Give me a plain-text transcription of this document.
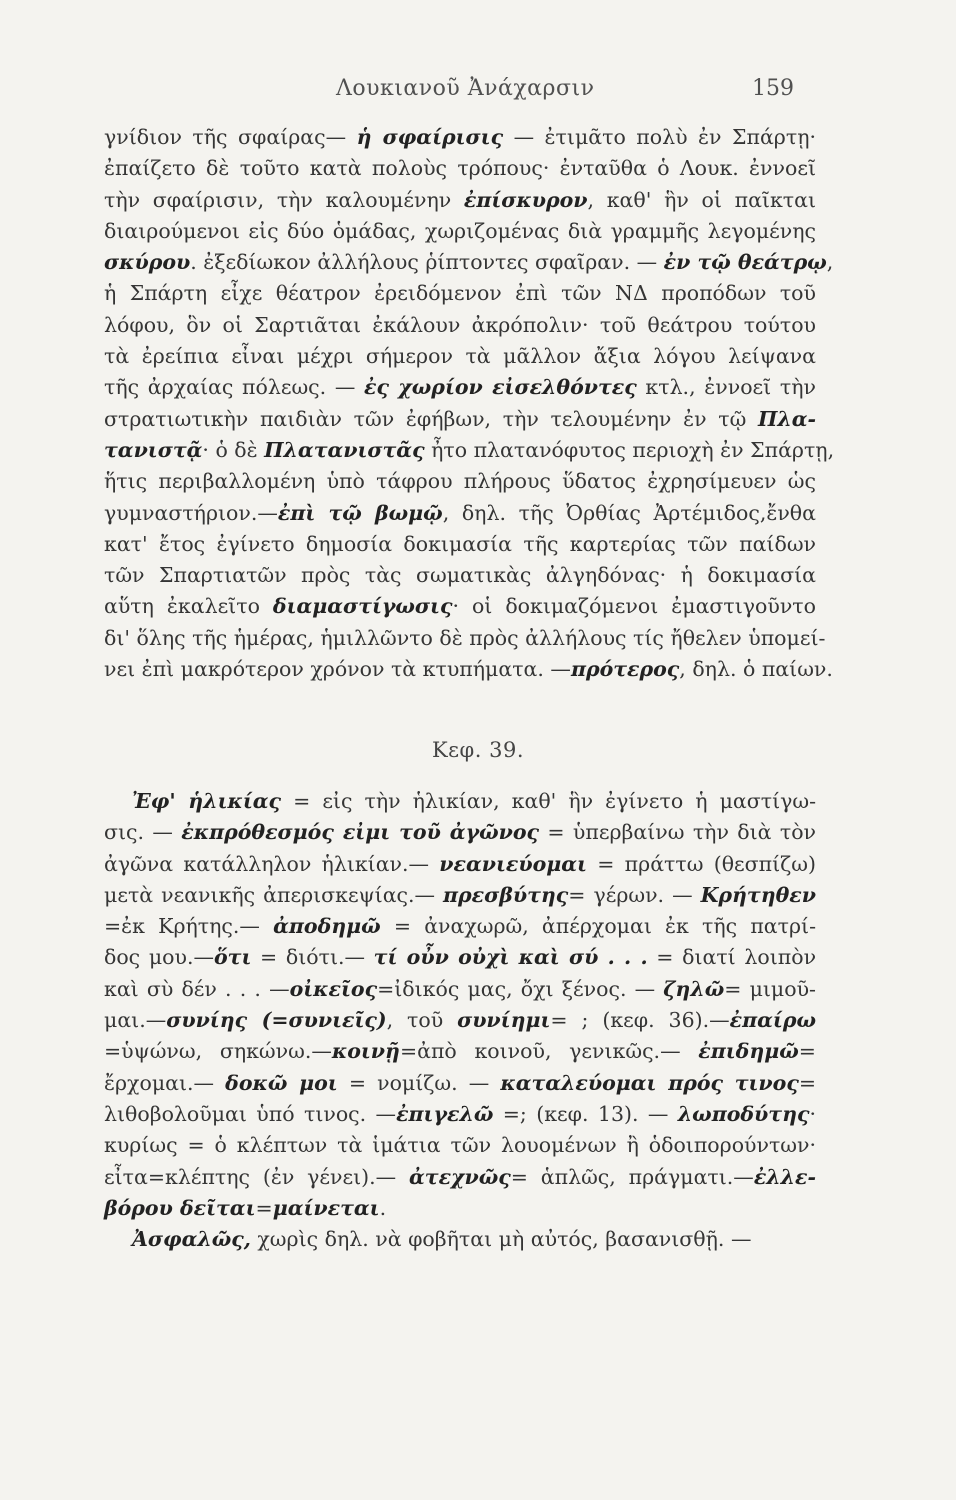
Λουκιανοῦ Ἀνάχαρσιν	159
γνίδιον τῆς σφαίρας— ἡ σφαίρισις — ἐτιμᾶτο πολὺ ἐν Σπάρτῃ·
ἐπαίζετο δὲ τοῦτο κατὰ πολοὺς τρόπους· ἐνταῦθα ὁ Λουκ. ἐννοεῖ
τὴν σφαίρισιν, τὴν καλουμένην ἐπίσκυρον, καθ' ἣν οἱ παῖκται
διαιρούμενοι εἰς δύο ὁμάδας, χωριζομένας διὰ γραμμῆς λεγομένης
σκύρου. ἐξεδίωκον ἀλλήλους ῥίπτοντες σφαῖραν. — ἐν τῷ θεάτρῳ,
ἡ Σπάρτη εἶχε θέατρον ἐρειδόμενον ἐπὶ τῶν ΝΔ προπόδων τοῦ
λόφου, ὃν οἱ Σαρτιᾶται ἐκάλουν ἀκρόπολιν· τοῦ θεάτρου τούτου
τὰ ἐρείπια εἶναι μέχρι σήμερον τὰ μᾶλλον ἄξια λόγου λείψανα
τῆς ἀρχαίας πόλεως. — ἐς χωρίον εἰσελθόντες κτλ., ἐννοεῖ τὴν
στρατιωτικὴν παιδιὰν τῶν ἐφήβων, τὴν τελουμένην ἐν τῷ Πλα-
τανιστᾷ· ὁ δὲ Πλατανιστᾶς ἦτο πλατανόφυτος περιοχὴ ἐν Σπάρτῃ,
ἥτις περιβαλλομένη ὑπὸ τάφρου πλήρους ὕδατος ἐχρησίμευεν ὡς
γυμναστήριον.—ἐπὶ τῷ βωμῷ, δηλ. τῆς Ὀρθίας Ἀρτέμιδος,ἔνθα
κατ' ἔτος ἐγίνετο δημοσία δοκιμασία τῆς καρτερίας τῶν παίδων
τῶν Σπαρτιατῶν πρὸς τὰς σωματικὰς ἀλγηδόνας· ἡ δοκιμασία
αὕτη ἐκαλεῖτο διαμαστίγωσις· οἱ δοκιμαζόμενοι ἐμαστιγοῦντο
δι' ὅλης τῆς ἡμέρας, ἡμιλλῶντο δὲ πρὸς ἀλλήλους τίς ἤθελεν ὑπομεί-
νει ἐπὶ μακρότερον χρόνον τὰ κτυπήματα. —πρότερος, δηλ. ὁ παίων.
Κεφ. 39.
Ἐφ' ἡλικίας = εἰς τὴν ἡλικίαν, καθ' ἣν ἐγίνετο ἡ μαστίγω-
σις. — ἐκπρόθεσμός εἰμι τοῦ ἀγῶνος = ὑπερβαίνω τὴν διὰ τὸν
ἀγῶνα κατάλληλον ἡλικίαν.— νεανιεύομαι = πράττω (θεσπίζω)
μετὰ νεανικῆς ἀπερισκεψίας.— πρεσβύτης= γέρων. — Κρήτηθεν
=ἐκ Κρήτης.— ἀποδημῶ = ἀναχωρῶ, ἀπέρχομαι ἐκ τῆς πατρί-
δος μου.—ὅτι = διότι.— τί οὖν οὐχὶ καὶ σύ . . . = διατί λοιπὸν
καὶ σὺ δέν . . . —οἰκεῖος=ἰδικός μας, ὄχι ξένος. — ζηλῶ= μιμοῦ-
μαι.—συνίης (=συνιεῖς), τοῦ συνίημι= ; (κεφ. 36).—ἐπαίρω
=ὑψώνω, σηκώνω.—κοινῇ=ἀπὸ κοινοῦ, γενικῶς.— ἐπιδημῶ=
ἔρχομαι.— δοκῶ μοι = νομίζω. — καταλεύομαι πρός τινος=
λιθοβολοῦμαι ὑπό τινος. —ἐπιγελῶ =; (κεφ. 13). — λωποδύτης·
κυρίως = ὁ κλέπτων τὰ ἱμάτια τῶν λουομένων ἢ ὁδοιπορούντων·
εἶτα=κλέπτης (ἐν γένει).— ἀτεχνῶς= ἁπλῶς, πράγματι.—ἐλλε-
βόρου δεῖται=μαίνεται.
Ἀσφαλῶς, χωρὶς δηλ. νὰ φοβῆται μὴ αὐτός, βασανισθῇ. —
